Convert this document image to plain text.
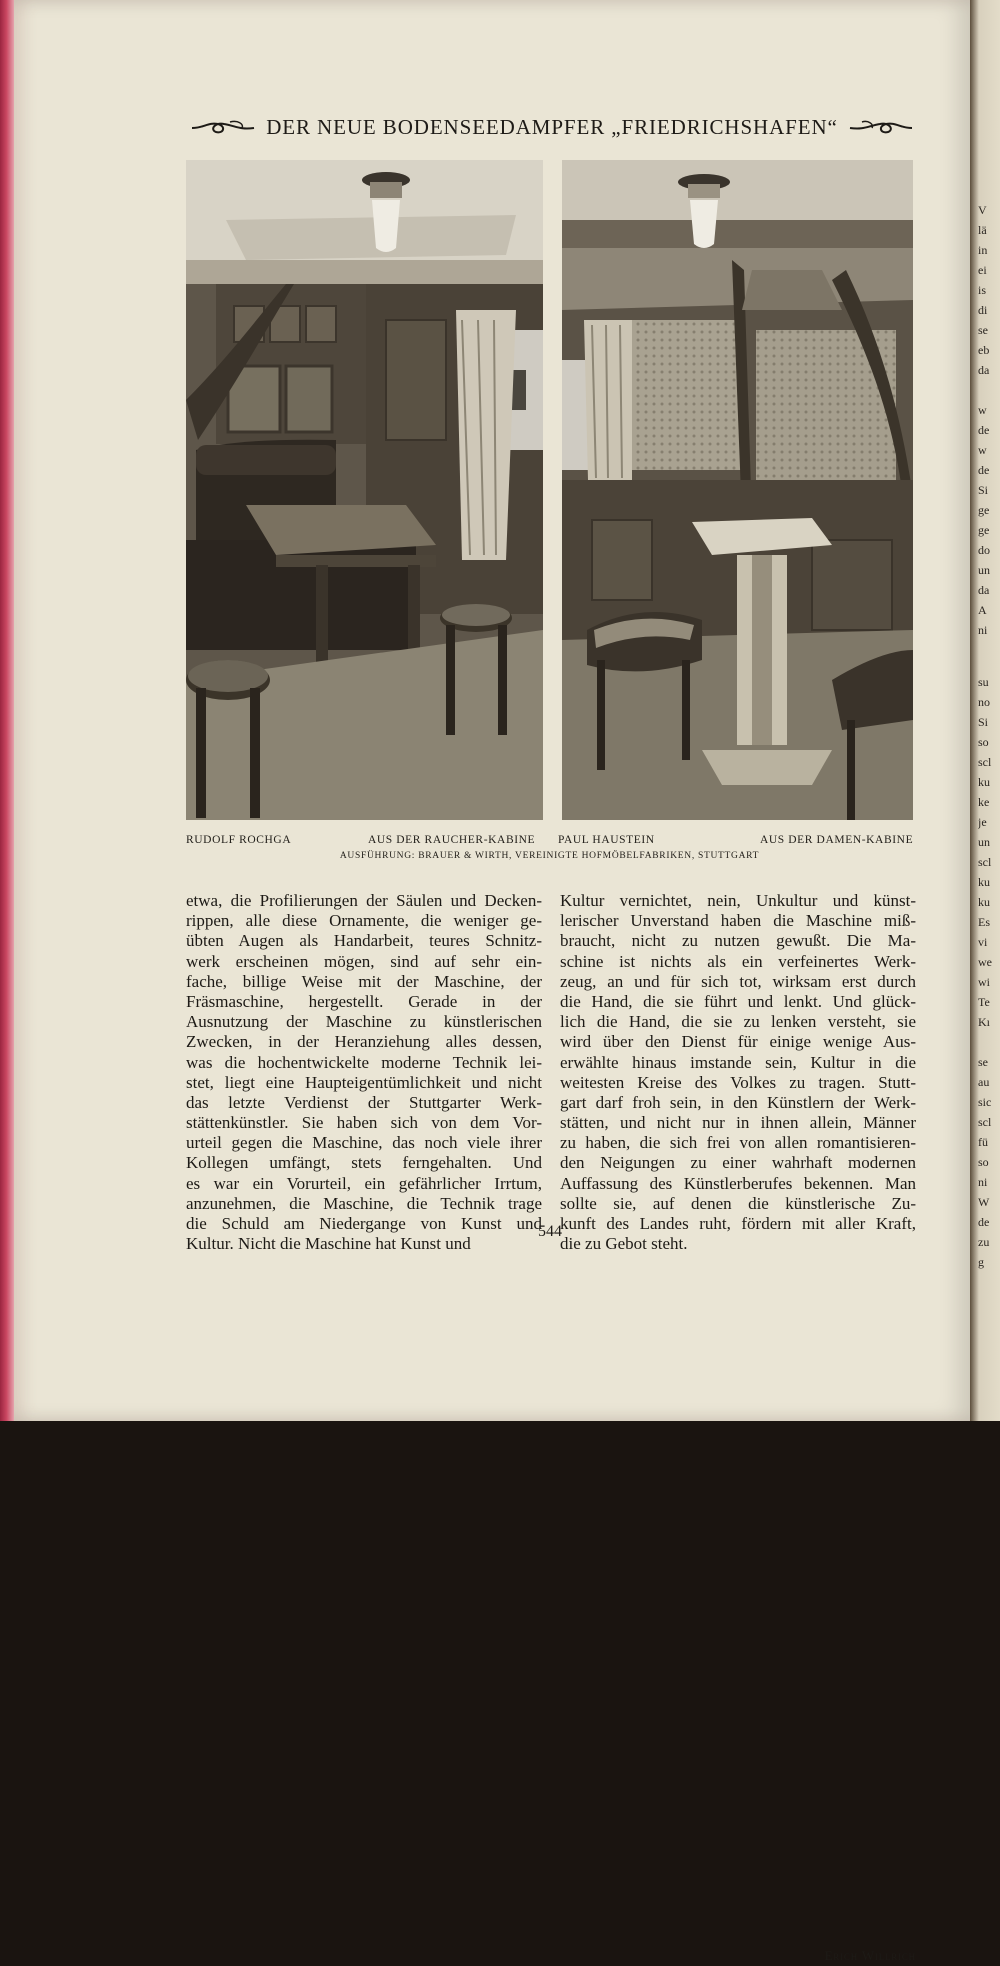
DER NEUE BODENSEEDAMPFER „FRIEDRICHSHAFEN“
RUDOLF ROCHGA	AUS DER RAUCHER-KABINE PAUL HAUSTEIN	AUS DER DAMEN-KABINE
AUSFÜHRUNG: BRAUER & WIRTH, VEREINIGTE HOFMÖBELFABRIKEN, STUTTGART
etwa, die Profilierungen der Säulen und Decken-
rippen, alle diese Ornamente, die weniger ge-
übten Augen als Handarbeit, teures Schnitz-
werk erscheinen mögen, sind auf sehr ein-
fache, billige Weise mit der Maschine, der
Fräsmaschine, hergestellt. Gerade in der
Ausnutzung der Maschine zu künstlerischen
Zwecken, in der Heranziehung alles dessen,
was die hochentwickelte moderne Technik lei-
stet, liegt eine Haupteigentümlichkeit und nicht
das letzte Verdienst der Stuttgarter Werk-
stättenkünstler. Sie haben sich von dem Vor-
urteil gegen die Maschine, das noch viele ihrer
Kollegen umfängt, stets ferngehalten. Und
es war ein Vorurteil, ein gefährlicher Irrtum,
anzunehmen, die Maschine, die Technik trage
die Schuld am Niedergange von Kunst und
Kultur. Nicht die Maschine hat Kunst und
Kultur vernichtet, nein, Unkultur und künst-
lerischer Unverstand haben die Maschine miß-
braucht, nicht zu nutzen gewußt. Die Ma-
schine ist nichts als ein verfeinertes Werk-
zeug, an und für sich tot, wirksam erst durch
die Hand, die sie führt und lenkt. Und glück-
lich die Hand, die sie zu lenken versteht, sie
wird über den Dienst für einige wenige Aus-
erwählte hinaus imstande sein, Kultur in die
weitesten Kreise des Volkes zu tragen. Stutt-
gart darf froh sein, in den Künstlern der Werk-
stätten, und nicht nur in ihnen allein, Männer
zu haben, die sich frei von allen romantisieren-
den Neigungen zu einer wahrhaft modernen
Auffassung des Künstlerberufes bekennen. Man
sollte sie, auf denen die künstlerische Zu-
kunft des Landes ruht, fördern mit aller Kraft,
die zu Gebot steht.
Erich Willrich
544
V
lä
in
ei
is
di
se
eb
da
w
de
w
de
Si
ge
ge
do
un
da
A
ni
su
no
Si
so
scl
ku
ke
je
un
scl
ku
ku
Es
vi
we
wi
Te
Kı
se
au
sic
scl
fü
so
ni
W
de
zu
g
